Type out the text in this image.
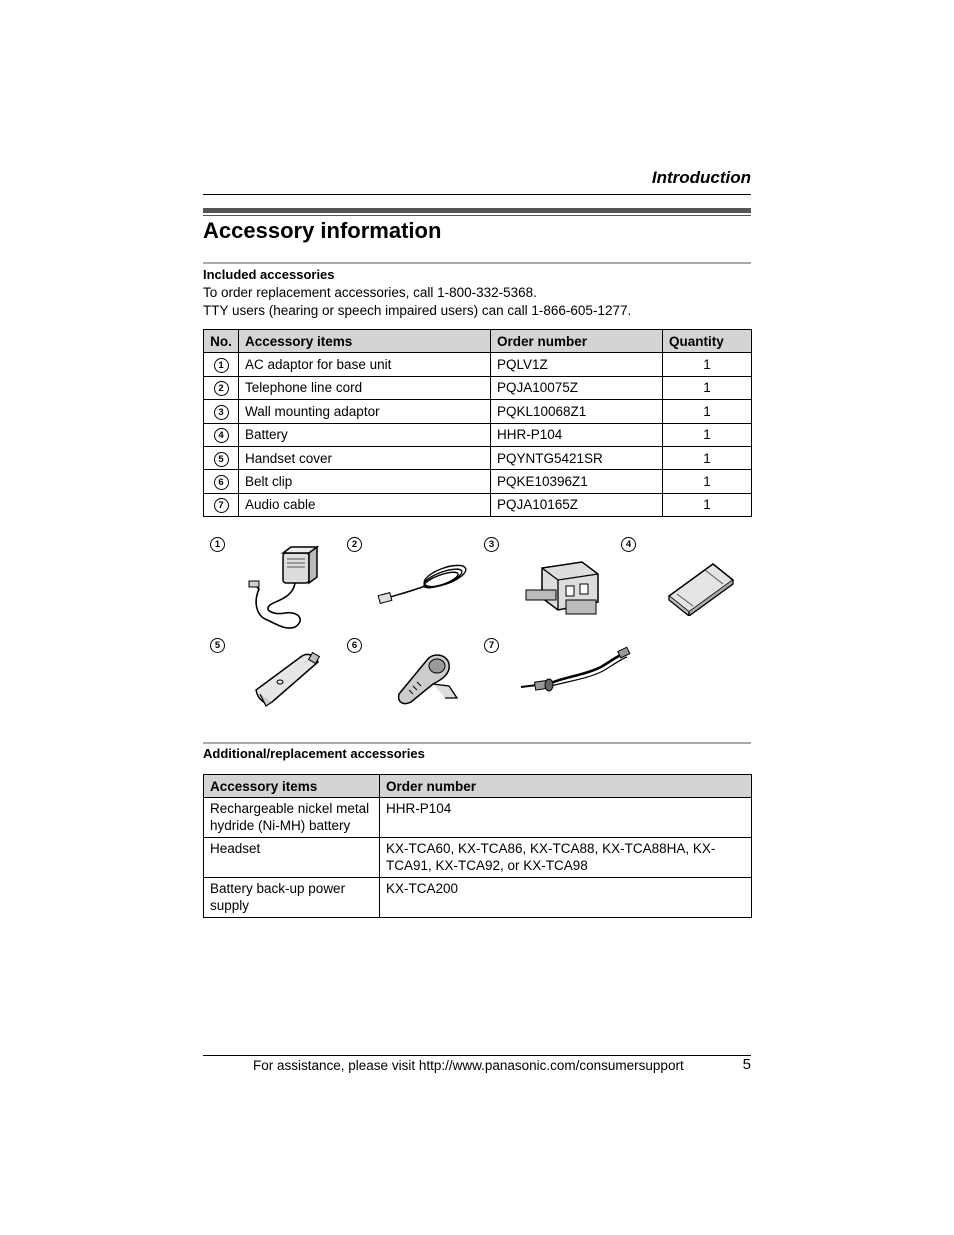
Introduction
Accessory information
Included accessories
To order replacement accessories, call 1-800-332-5368.
TTY users (hearing or speech impaired users) can call 1-866-605-1277.
No.	Accessory items	Order number	Quantity
1	AC adaptor for base unit	PQLV1Z	1
2	Telephone line cord	PQJA10075Z	1
3	Wall mounting adaptor	PQKL10068Z1	1
4	Battery	HHR-P104	1
5	Handset cover	PQYNTG5421SR	1
6	Belt clip	PQKE10396Z1	1
7	Audio cable	PQJA10165Z	1
1	2	3	4
5	6	7
Additional/replacement accessories
Accessory items	Order number
Rechargeable nickel metal hydride (Ni-MH) battery	HHR-P104
Headset	KX-TCA60, KX-TCA86, KX-TCA88, KX-TCA88HA, KX-TCA91, KX-TCA92, or KX-TCA98
Battery back-up power supply	KX-TCA200
For assistance, please visit http://www.panasonic.com/consumersupport	5
